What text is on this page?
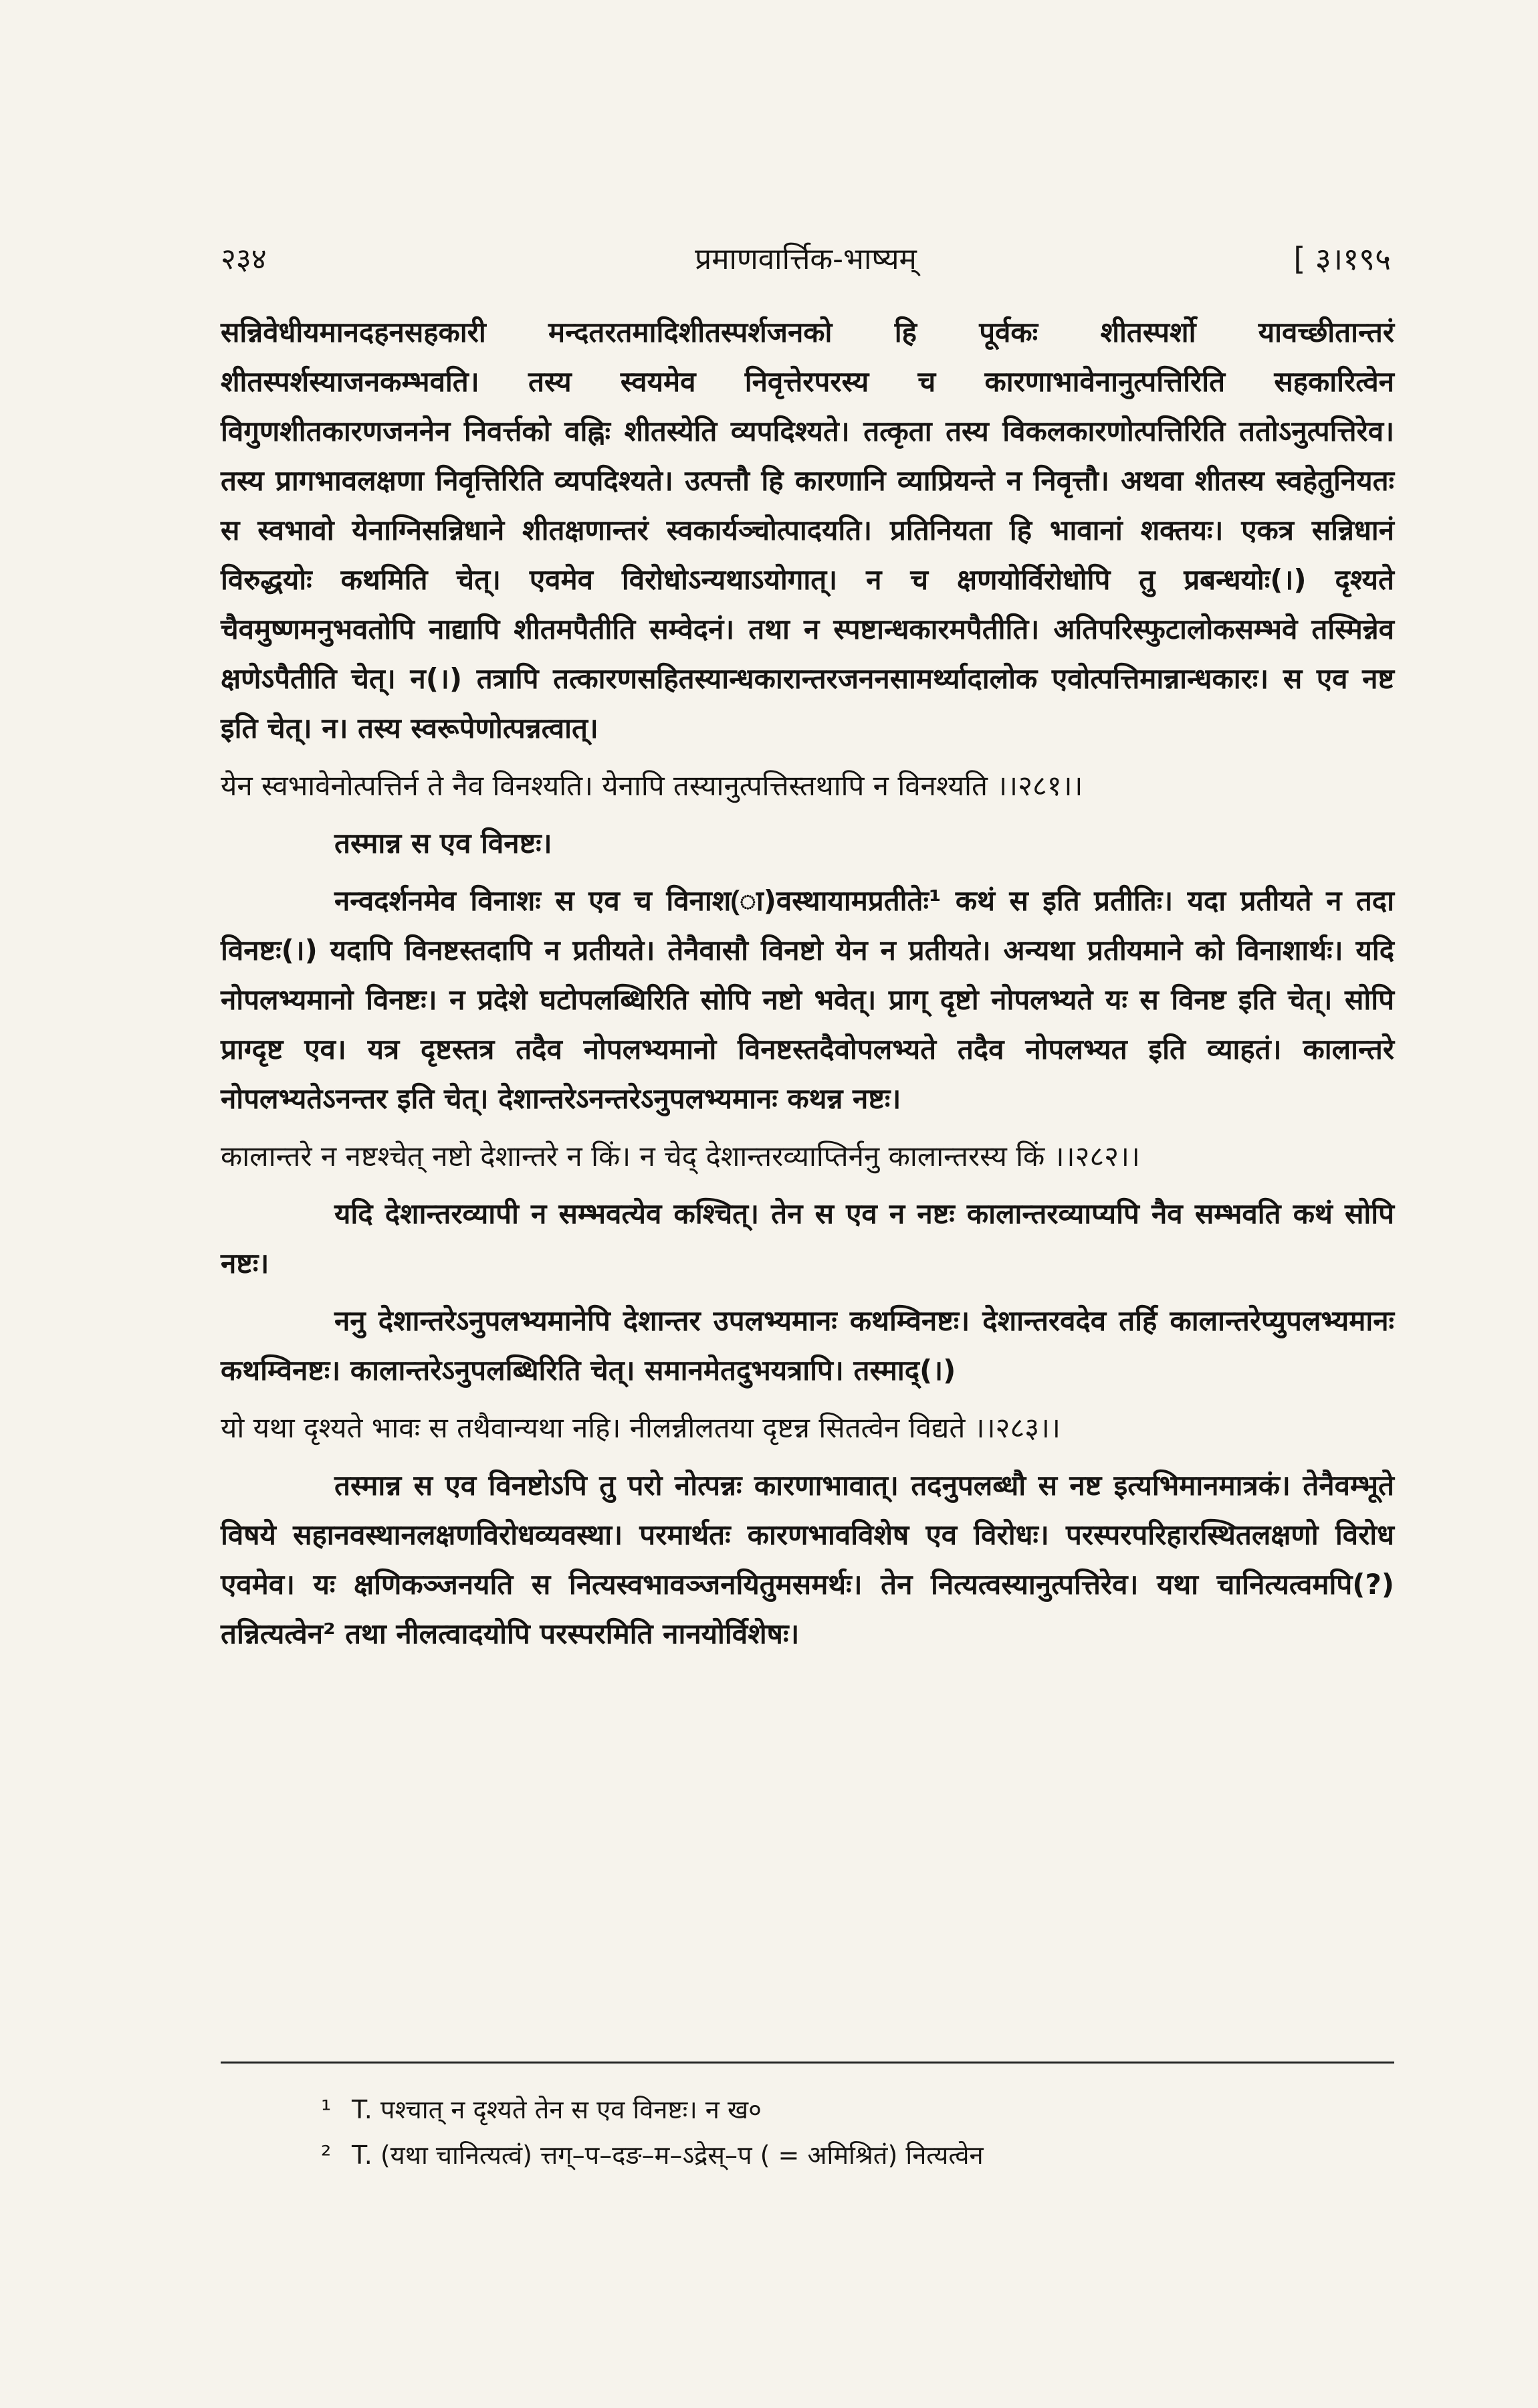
२३४	प्रमाणवार्त्तिक-भाष्यम्	[ ३।१९५

सन्निवेधीयमानदहनसहकारी मन्दतरतमादिशीतस्पर्शजनको हि पूर्वकः शीतस्पर्शो यावच्छीतान्तरं शीतस्पर्शस्याजनकम्भवति। तस्य स्वयमेव निवृत्तेरपरस्य च कारणाभावेनानुत्पत्तिरिति सहकारित्वेन विगुणशीतकारणजननेन निवर्त्तको वह्निः शीतस्येति व्यपदिश्यते। तत्कृता तस्य विकलकारणोत्पत्तिरिति ततोऽनुत्पत्तिरेव। तस्य प्रागभावलक्षणा निवृत्तिरिति व्यपदिश्यते। उत्पत्तौ हि कारणानि व्याप्रियन्ते न निवृत्तौ। अथवा शीतस्य स्वहेतुनियतः स स्वभावो येनाग्निसन्निधाने शीतक्षणान्तरं स्वकार्यञ्चोत्पादयति। प्रतिनियता हि भावानां शक्तयः। एकत्र सन्निधानं विरुद्धयोः कथमिति चेत्। एवमेव विरोधोऽन्यथाऽयोगात्। न च क्षणयोर्विरोधोपि तु प्रबन्धयोः(।) दृश्यते चैवमुष्णमनुभवतोपि नाद्यापि शीतमपैतीति सम्वेदनं। तथा न स्पष्टान्धकारमपैतीति। अतिपरिस्फुटालोकसम्भवे तस्मिन्नेव क्षणेऽपैतीति चेत्। न(।) तत्रापि तत्कारणसहितस्यान्धकारान्तरजननसामर्थ्यादालोक एवोत्पत्तिमान्नान्धकारः। स एव नष्ट इति चेत्। न। तस्य स्वरूपेणोत्पन्नत्वात्।

येन स्वभावेनोत्पत्तिर्न ते नैव विनश्यति। येनापि तस्यानुत्पत्तिस्तथापि न विनश्यति ।।२८१।।

तस्मान्न स एव विनष्टः।

नन्वदर्शनमेव विनाशः स एव च विनाश(ा)वस्थायामप्रतीतेः¹ कथं स इति प्रतीतिः। यदा प्रतीयते न तदा विनष्टः(।) यदापि विनष्टस्तदापि न प्रतीयते। तेनैवासौ विनष्टो येन न प्रतीयते। अन्यथा प्रतीयमाने को विनाशार्थः। यदि नोपलभ्यमानो विनष्टः। न प्रदेशे घटोपलब्धिरिति सोपि नष्टो भवेत्। प्राग् दृष्टो नोपलभ्यते यः स विनष्ट इति चेत्। सोपि प्राग्दृष्ट एव। यत्र दृष्टस्तत्र तदैव नोपलभ्यमानो विनष्टस्तदैवोपलभ्यते तदैव नोपलभ्यत इति व्याहतं। कालान्तरे नोपलभ्यतेऽनन्तर इति चेत्। देशान्तरेऽनन्तरेऽनुपलभ्यमानः कथन्न नष्टः।

कालान्तरे न नष्टश्चेत् नष्टो देशान्तरे न किं। न चेद् देशान्तरव्याप्तिर्ननु कालान्तरस्य किं ।।२८२।।

यदि देशान्तरव्यापी न सम्भवत्येव कश्चित्। तेन स एव न नष्टः कालान्तरव्याप्यपि नैव सम्भवति कथं सोपि नष्टः।

ननु देशान्तरेऽनुपलभ्यमानेपि देशान्तर उपलभ्यमानः कथम्विनष्टः। देशान्तरवदेव तर्हि कालान्तरेप्युपलभ्यमानः कथम्विनष्टः। कालान्तरेऽनुपलब्धिरिति चेत्। समानमेतदुभयत्रापि। तस्माद्(।)

यो यथा दृश्यते भावः स तथैवान्यथा नहि। नीलन्नीलतया दृष्टन्न सितत्वेन विद्यते ।।२८३।।

तस्मान्न स एव विनष्टोऽपि तु परो नोत्पन्नः कारणाभावात्। तदनुपलब्धौ स नष्ट इत्यभिमानमात्रकं। तेनैवम्भूते विषये सहानवस्थानलक्षणविरोधव्यवस्था। परमार्थतः कारणभावविशेष एव विरोधः। परस्परपरिहारस्थितलक्षणो विरोध एवमेव। यः क्षणिकञ्जनयति स नित्यस्वभावञ्जनयितुमसमर्थः। तेन नित्यत्वस्यानुत्पत्तिरेव। यथा चानित्यत्वमपि(?) तन्नित्यत्वेन² तथा नीलत्वादयोपि परस्परमिति नानयोर्विशेषः।

¹ T. पश्चात् न दृश्यते तेन स एव विनष्टः। न ख०
² T. (यथा चानित्यत्वं) त्तग्–प–दङ–म–ऽद्रेस्–प ( = अमिश्रितं) नित्यत्वेन
